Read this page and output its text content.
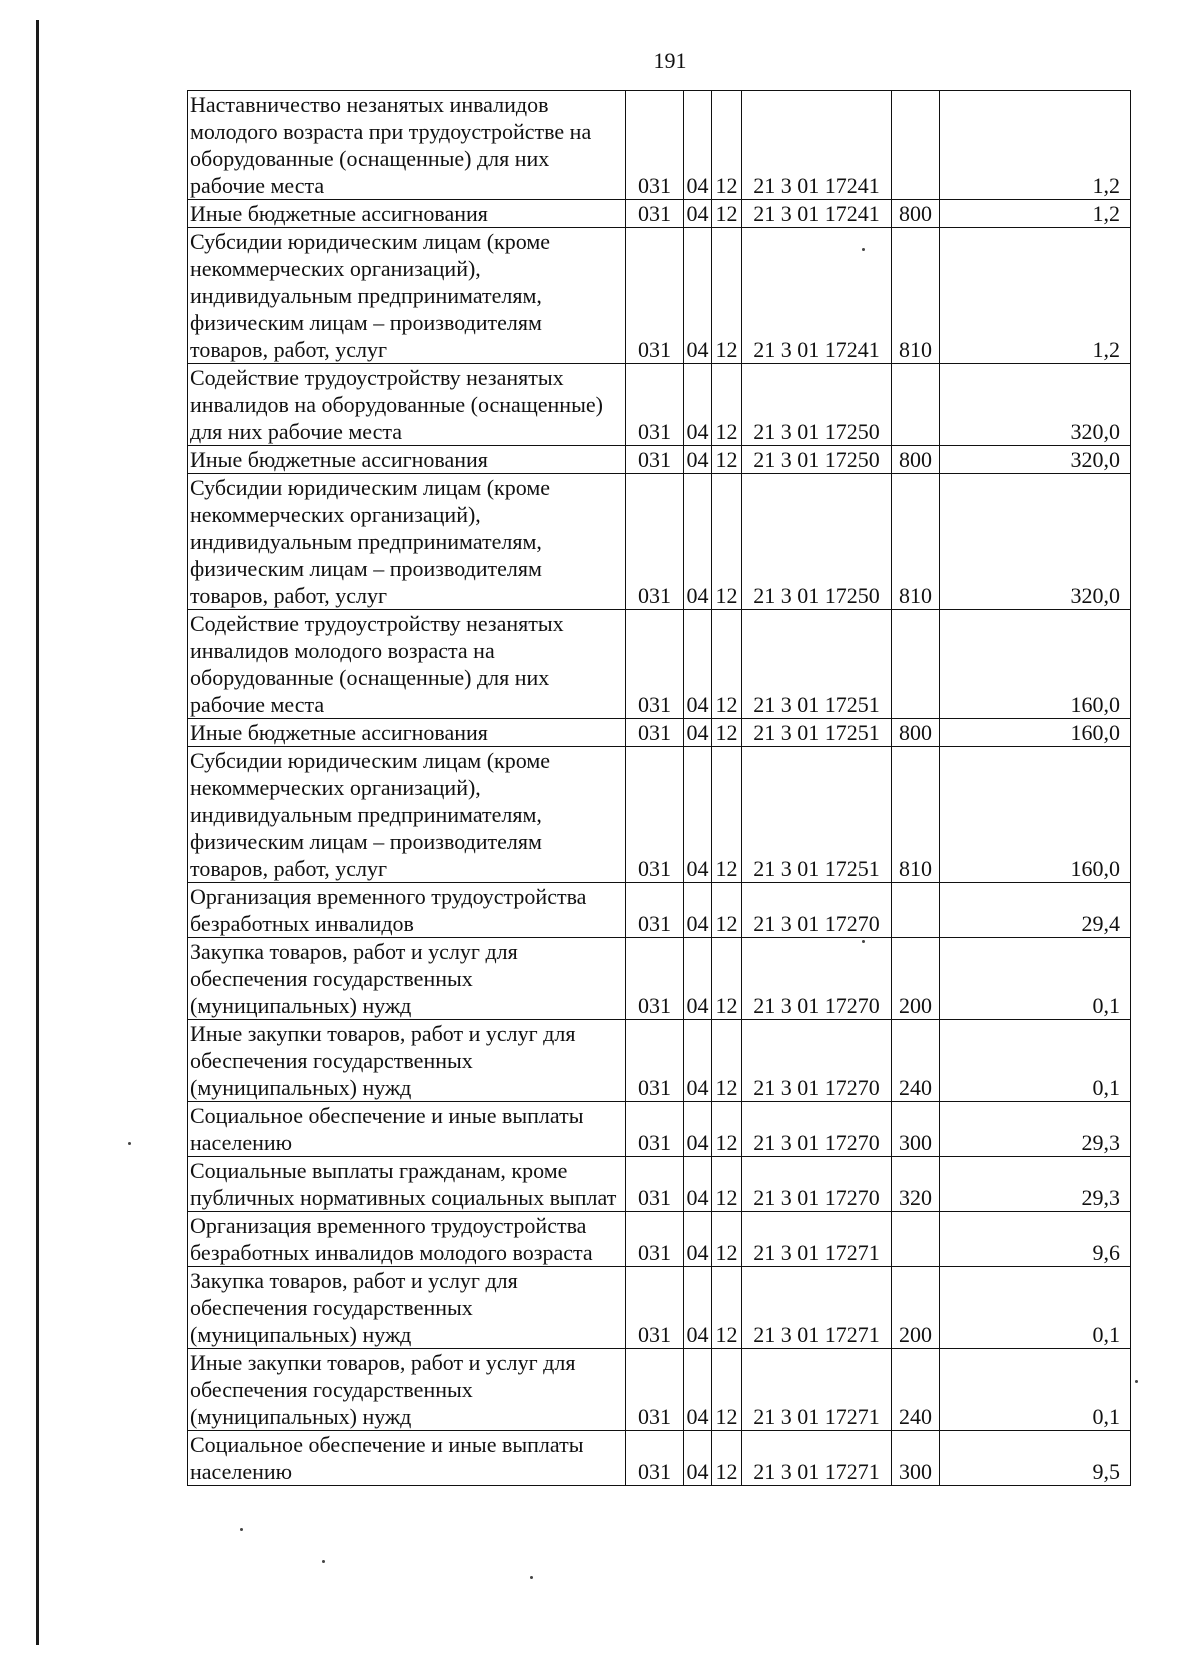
191
Наставничество незанятых инвалидов молодого возраста при трудоустройстве на оборудованные (оснащенные) для них рабочие места	031	04	12	21 3 01 17241		1,2
Иные бюджетные ассигнования	031	04	12	21 3 01 17241	800	1,2
Субсидии юридическим лицам (кроме некоммерческих организаций), индивидуальным предпринимателям, физическим лицам – производителям товаров, работ, услуг	031	04	12	21 3 01 17241	810	1,2
Содействие трудоустройству незанятых инвалидов на оборудованные (оснащенные) для них рабочие места	031	04	12	21 3 01 17250		320,0
Иные бюджетные ассигнования	031	04	12	21 3 01 17250	800	320,0
Субсидии юридическим лицам (кроме некоммерческих организаций), индивидуальным предпринимателям, физическим лицам – производителям товаров, работ, услуг	031	04	12	21 3 01 17250	810	320,0
Содействие трудоустройству незанятых инвалидов молодого возраста на оборудованные (оснащенные) для них рабочие места	031	04	12	21 3 01 17251		160,0
Иные бюджетные ассигнования	031	04	12	21 3 01 17251	800	160,0
Субсидии юридическим лицам (кроме некоммерческих организаций), индивидуальным предпринимателям, физическим лицам – производителям товаров, работ, услуг	031	04	12	21 3 01 17251	810	160,0
Организация временного трудоустройства безработных инвалидов	031	04	12	21 3 01 17270		29,4
Закупка товаров, работ и услуг для обеспечения государственных (муниципальных) нужд	031	04	12	21 3 01 17270	200	0,1
Иные закупки товаров, работ и услуг для обеспечения государственных (муниципальных) нужд	031	04	12	21 3 01 17270	240	0,1
Социальное обеспечение и иные выплаты населению	031	04	12	21 3 01 17270	300	29,3
Социальные выплаты гражданам, кроме публичных нормативных социальных выплат	031	04	12	21 3 01 17270	320	29,3
Организация временного трудоустройства безработных инвалидов молодого возраста	031	04	12	21 3 01 17271		9,6
Закупка товаров, работ и услуг для обеспечения государственных (муниципальных) нужд	031	04	12	21 3 01 17271	200	0,1
Иные закупки товаров, работ и услуг для обеспечения государственных (муниципальных) нужд	031	04	12	21 3 01 17271	240	0,1
Социальное обеспечение и иные выплаты населению	031	04	12	21 3 01 17271	300	9,5
